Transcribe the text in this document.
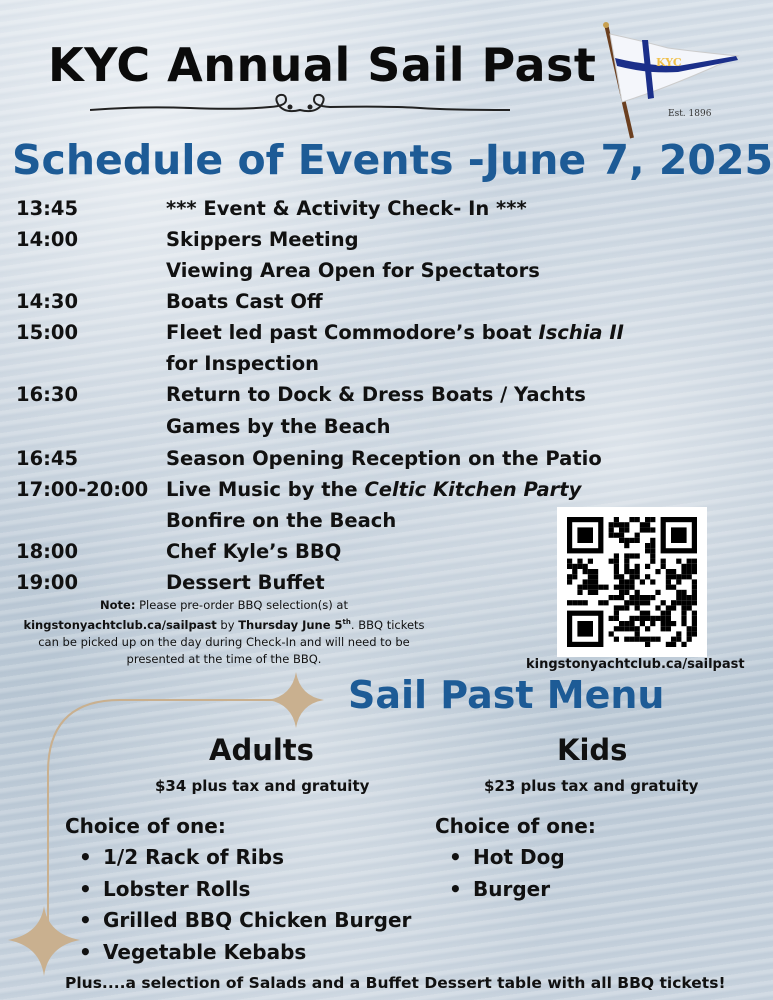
KYC Annual Sail Past	KYC
Est. 1896
Schedule of Events -June 7, 2025
13:45	*** Event & Activity Check- In ***
14:00	Skippers Meeting
Viewing Area Open for Spectators
14:30	Boats Cast Off
15:00	Fleet led past Commodore’s boat Ischia II
for Inspection
16:30	Return to Dock & Dress Boats / Yachts
Games by the Beach
16:45	Season Opening Reception on the Patio
17:00-20:00 Live Music by the Celtic Kitchen Party
Bonfire on the Beach
18:00	Chef Kyle’s BBQ
19:00	Dessert Buffet
Note: Please pre-order BBQ selection(s) at kingstonyachtclub.ca/sailpast by Thursday June 5th. BBQ tickets can be picked up on the day during Check-In and will need to be presented at the time of the BBQ.	kingstonyachtclub.ca/sailpast
Sail Past Menu
Adults
$34 plus tax and gratuity
Choice of one:
• 1/2 Rack of Ribs
• Lobster Rolls
• Grilled BBQ Chicken Burger
• Vegetable Kebabs
Kids
$23 plus tax and gratuity
Choice of one:
• Hot Dog
• Burger
Plus....a selection of Salads and a Buffet Dessert table with all BBQ tickets!
